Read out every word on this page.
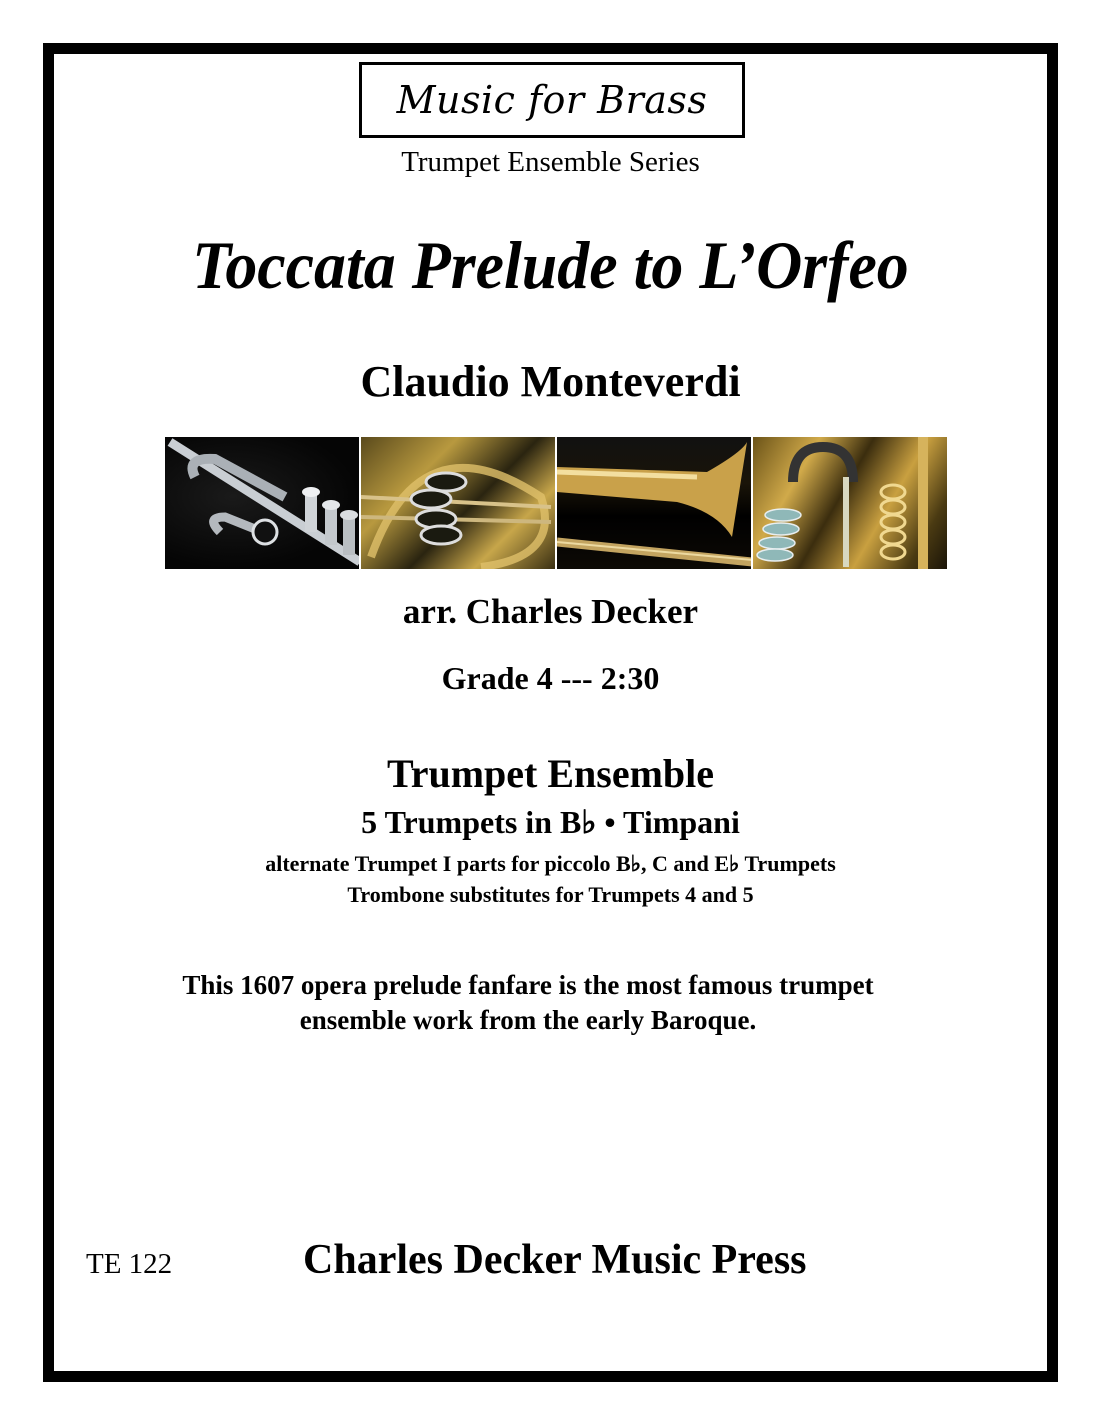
Music for Brass
Trumpet Ensemble Series
Toccata Prelude to L’Orfeo
Claudio Monteverdi
arr. Charles Decker
Grade 4 --- 2:30
Trumpet Ensemble
5 Trumpets in B♭ • Timpani
alternate Trumpet I parts for piccolo B♭, C and E♭ Trumpets
Trombone substitutes for Trumpets 4 and 5
This 1607 opera prelude fanfare is the most famous trumpet
ensemble work from the early Baroque.
TE 122	Charles Decker Music Press
